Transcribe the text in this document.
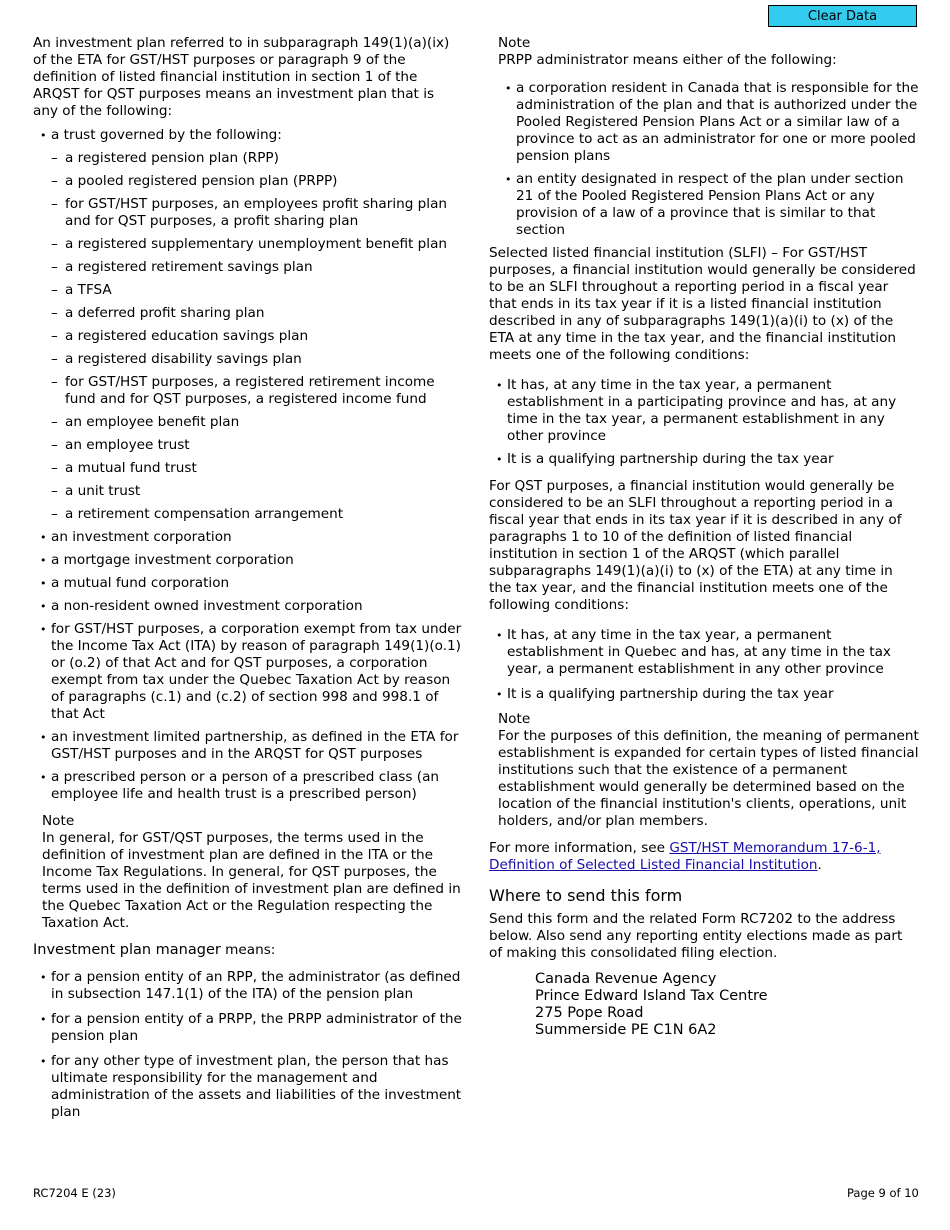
Clear Data

An investment plan referred to in subparagraph 149(1)(a)(ix) of the ETA for GST/HST purposes or paragraph 9 of the definition of listed financial institution in section 1 of the ARQST for QST purposes means an investment plan that is any of the following:

• a trust governed by the following:
– a registered pension plan (RPP)
– a pooled registered pension plan (PRPP)
– for GST/HST purposes, an employees profit sharing plan and for QST purposes, a profit sharing plan
– a registered supplementary unemployment benefit plan
– a registered retirement savings plan
– a TFSA
– a deferred profit sharing plan
– a registered education savings plan
– a registered disability savings plan
– for GST/HST purposes, a registered retirement income fund and for QST purposes, a registered income fund
– an employee benefit plan
– an employee trust
– a mutual fund trust
– a unit trust
– a retirement compensation arrangement
• an investment corporation
• a mortgage investment corporation
• a mutual fund corporation
• a non-resident owned investment corporation
• for GST/HST purposes, a corporation exempt from tax under the Income Tax Act (ITA) by reason of paragraph 149(1)(o.1) or (o.2) of that Act and for QST purposes, a corporation exempt from tax under the Quebec Taxation Act by reason of paragraphs (c.1) and (c.2) of section 998 and 998.1 of that Act
• an investment limited partnership, as defined in the ETA for GST/HST purposes and in the ARQST for QST purposes
• a prescribed person or a person of a prescribed class (an employee life and health trust is a prescribed person)

Note

In general, for GST/QST purposes, the terms used in the definition of investment plan are defined in the ITA or the Income Tax Regulations. In general, for QST purposes, the terms used in the definition of investment plan are defined in the Quebec Taxation Act or the Regulation respecting the Taxation Act.

Investment plan manager means:

• for a pension entity of an RPP, the administrator (as defined in subsection 147.1(1) of the ITA) of the pension plan
• for a pension entity of a PRPP, the PRPP administrator of the pension plan
• for any other type of investment plan, the person that has ultimate responsibility for the management and administration of the assets and liabilities of the investment plan

Note

PRPP administrator means either of the following:

• a corporation resident in Canada that is responsible for the administration of the plan and that is authorized under the Pooled Registered Pension Plans Act or a similar law of a province to act as an administrator for one or more pooled pension plans
• an entity designated in respect of the plan under section 21 of the Pooled Registered Pension Plans Act or any provision of a law of a province that is similar to that section

Selected listed financial institution (SLFI) – For GST/HST purposes, a financial institution would generally be considered to be an SLFI throughout a reporting period in a fiscal year that ends in its tax year if it is a listed financial institution described in any of subparagraphs 149(1)(a)(i) to (x) of the ETA at any time in the tax year, and the financial institution meets one of the following conditions:

• It has, at any time in the tax year, a permanent establishment in a participating province and has, at any time in the tax year, a permanent establishment in any other province
• It is a qualifying partnership during the tax year

For QST purposes, a financial institution would generally be considered to be an SLFI throughout a reporting period in a fiscal year that ends in its tax year if it is described in any of paragraphs 1 to 10 of the definition of listed financial institution in section 1 of the ARQST (which parallel subparagraphs 149(1)(a)(i) to (x) of the ETA) at any time in the tax year, and the financial institution meets one of the following conditions:

• It has, at any time in the tax year, a permanent establishment in Quebec and has, at any time in the tax year, a permanent establishment in any other province
• It is a qualifying partnership during the tax year

Note

For the purposes of this definition, the meaning of permanent establishment is expanded for certain types of listed financial institutions such that the existence of a permanent establishment would generally be determined based on the location of the financial institution's clients, operations, unit holders, and/or plan members.

For more information, see GST/HST Memorandum 17-6-1, Definition of Selected Listed Financial Institution.

Where to send this form

Send this form and the related Form RC7202 to the address below. Also send any reporting entity elections made as part of making this consolidated filing election.

Canada Revenue Agency

Prince Edward Island Tax Centre

275 Pope Road

Summerside PE C1N 6A2

RC7204 E (23)	Page 9 of 10
